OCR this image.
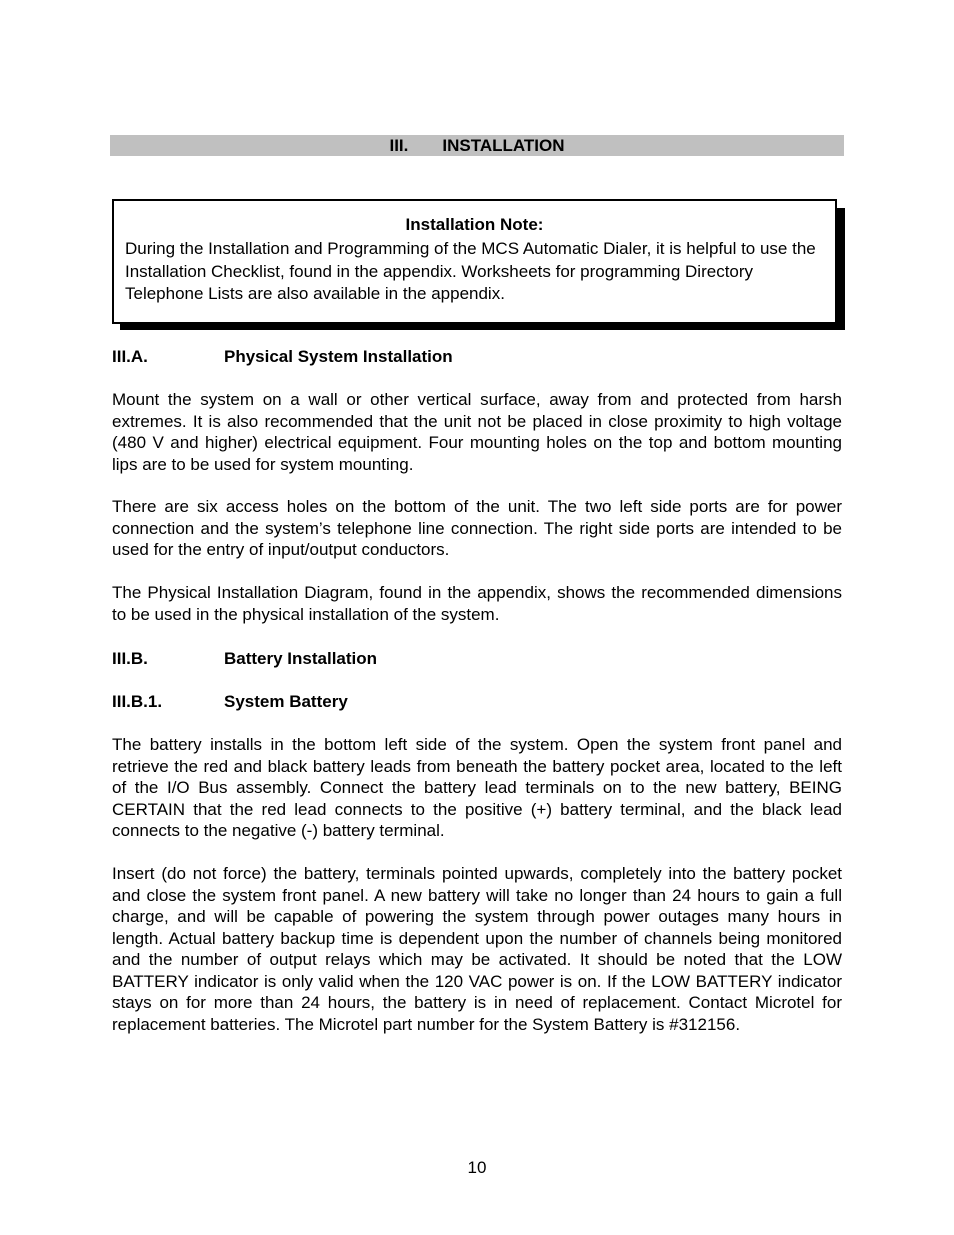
III. INSTALLATION
Installation Note:
During the Installation and Programming of the MCS Automatic Dialer, it is helpful to use the Installation Checklist, found in the appendix. Worksheets for programming Directory Telephone Lists are also available in the appendix.
III.A.	Physical System Installation
Mount the system on a wall or other vertical surface, away from and protected from harsh extremes. It is also recommended that the unit not be placed in close proximity to high voltage (480 V and higher) electrical equipment. Four mounting holes on the top and bottom mounting lips are to be used for system mounting.
There are six access holes on the bottom of the unit. The two left side ports are for power connection and the system’s telephone line connection. The right side ports are intended to be used for the entry of input/output conductors.
The Physical Installation Diagram, found in the appendix, shows the recommended dimensions to be used in the physical installation of the system.
III.B.	Battery Installation
III.B.1.	System Battery
The battery installs in the bottom left side of the system. Open the system front panel and retrieve the red and black battery leads from beneath the battery pocket area, located to the left of the I/O Bus assembly. Connect the battery lead terminals on to the new battery, BEING CERTAIN that the red lead connects to the positive (+) battery terminal, and the black lead connects to the negative (-) battery terminal.
Insert (do not force) the battery, terminals pointed upwards, completely into the battery pocket and close the system front panel. A new battery will take no longer than 24 hours to gain a full charge, and will be capable of powering the system through power outages many hours in length. Actual battery backup time is dependent upon the number of channels being monitored and the number of output relays which may be activated. It should be noted that the LOW BATTERY indicator is only valid when the 120 VAC power is on. If the LOW BATTERY indicator stays on for more than 24 hours, the battery is in need of replacement. Contact Microtel for replacement batteries. The Microtel part number for the System Battery is #312156.
10
